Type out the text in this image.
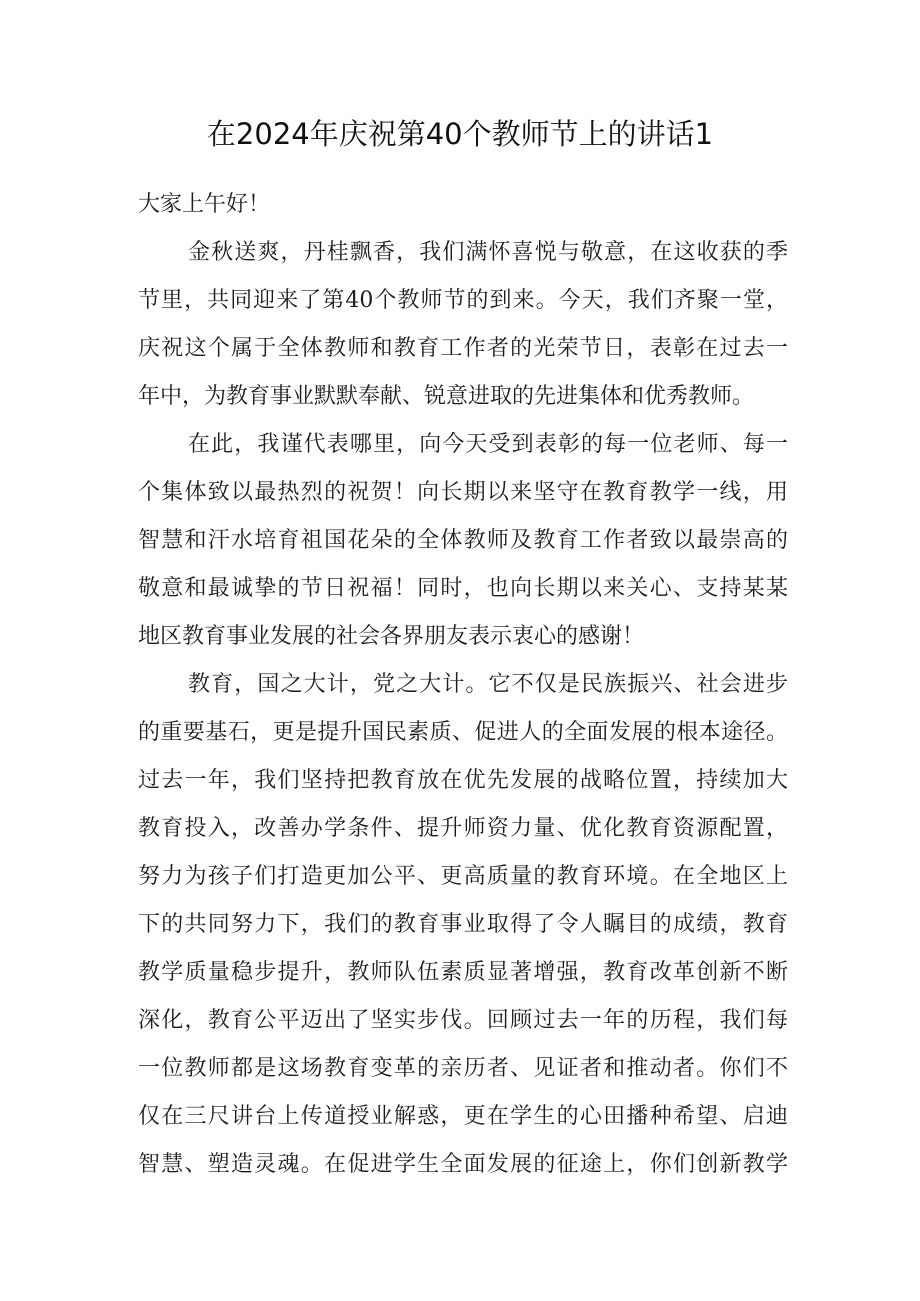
在2024年庆祝第40个教师节上的讲话1

大家上午好！

金秋送爽，丹桂飘香，我们满怀喜悦与敬意，在这收获的季

节里，共同迎来了第40个教师节的到来。今天，我们齐聚一堂，

庆祝这个属于全体教师和教育工作者的光荣节日，表彰在过去一

年中，为教育事业默默奉献、锐意进取的先进集体和优秀教师。

在此，我谨代表哪里，向今天受到表彰的每一位老师、每一

个集体致以最热烈的祝贺！向长期以来坚守在教育教学一线，用

智慧和汗水培育祖国花朵的全体教师及教育工作者致以最崇高的

敬意和最诚挚的节日祝福！同时，也向长期以来关心、支持某某

地区教育事业发展的社会各界朋友表示衷心的感谢！

教育，国之大计，党之大计。它不仅是民族振兴、社会进步

的重要基石，更是提升国民素质、促进人的全面发展的根本途径。

过去一年，我们坚持把教育放在优先发展的战略位置，持续加大

教育投入，改善办学条件、提升师资力量、优化教育资源配置，

努力为孩子们打造更加公平、更高质量的教育环境。在全地区上

下的共同努力下，我们的教育事业取得了令人瞩目的成绩，教育

教学质量稳步提升，教师队伍素质显著增强，教育改革创新不断

深化，教育公平迈出了坚实步伐。回顾过去一年的历程，我们每

一位教师都是这场教育变革的亲历者、见证者和推动者。你们不

仅在三尺讲台上传道授业解惑，更在学生的心田播种希望、启迪

智慧、塑造灵魂。在促进学生全面发展的征途上，你们创新教学
